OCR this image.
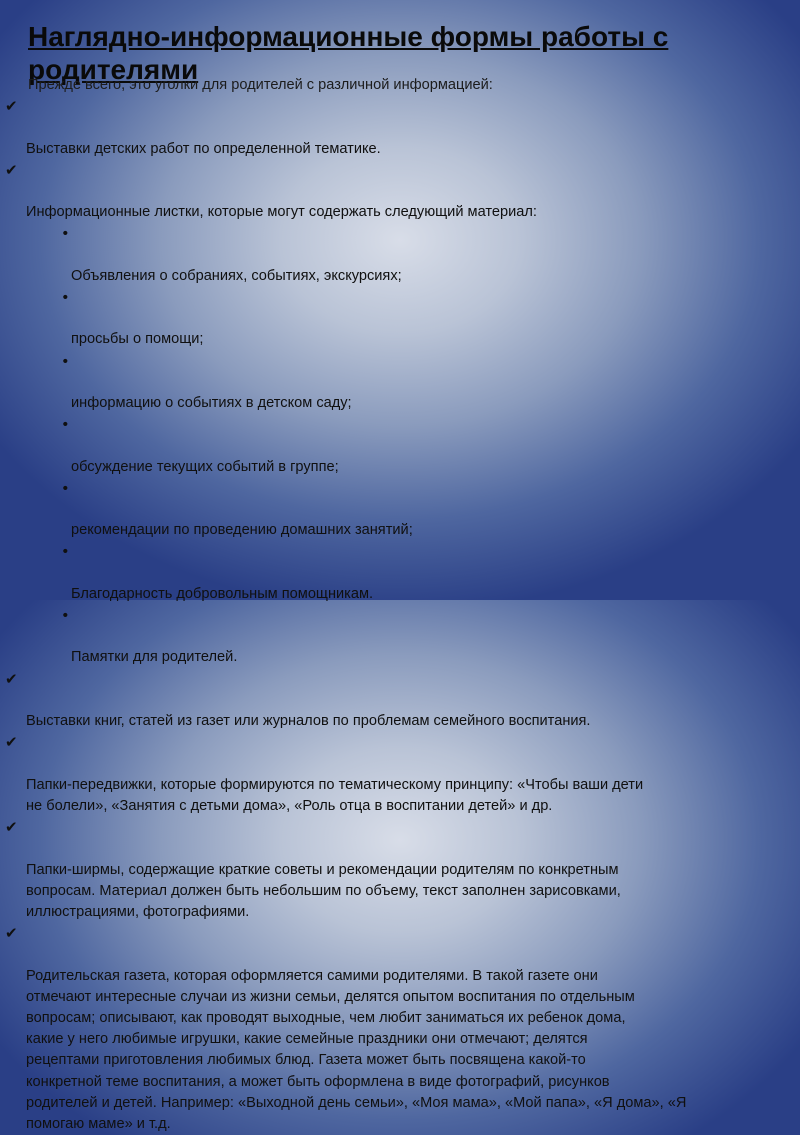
Наглядно-информационные формы работы с
родителями
Прежде всего, это уголки для родителей с различной информацией:

✔

Выставки детских работ по определенной тематике.

✔

Информационные листки, которые могут содержать следующий материал:

•

Объявления о собраниях, событиях, экскурсиях;

•

просьбы о помощи;

•

информацию о событиях в детском саду;

•

обсуждение текущих событий в группе;

•

рекомендации по проведению домашних занятий;

•

Благодарность добровольным помощникам.

•

Памятки для родителей.

✔

Выставки книг, статей из газет или журналов по проблемам семейного воспитания.

✔

Папки-передвижки, которые формируются по тематическому принципу: «Чтобы ваши дети
не болели», «Занятия с детьми дома», «Роль отца в воспитании детей» и др.

✔

Папки-ширмы, содержащие краткие советы и рекомендации родителям по конкретным
вопросам. Материал должен быть небольшим по объему, текст заполнен зарисовками,
иллюстрациями, фотографиями.

✔

Родительская газета, которая оформляется самими родителями. В такой газете они
отмечают интересные случаи из жизни семьи, делятся опытом воспитания по отдельным
вопросам; описывают, как проводят выходные, чем любит заниматься их ребенок дома,
какие у него любимые игрушки, какие семейные праздники они отмечают; делятся
рецептами приготовления любимых блюд. Газета может быть посвящена какой-то
конкретной теме воспитания, а может быть оформлена в виде фотографий, рисунков
родителей и детей. Например: «Выходной день семьи», «Моя мама», «Мой папа», «Я дома», «Я
помогаю маме» и т.д.
